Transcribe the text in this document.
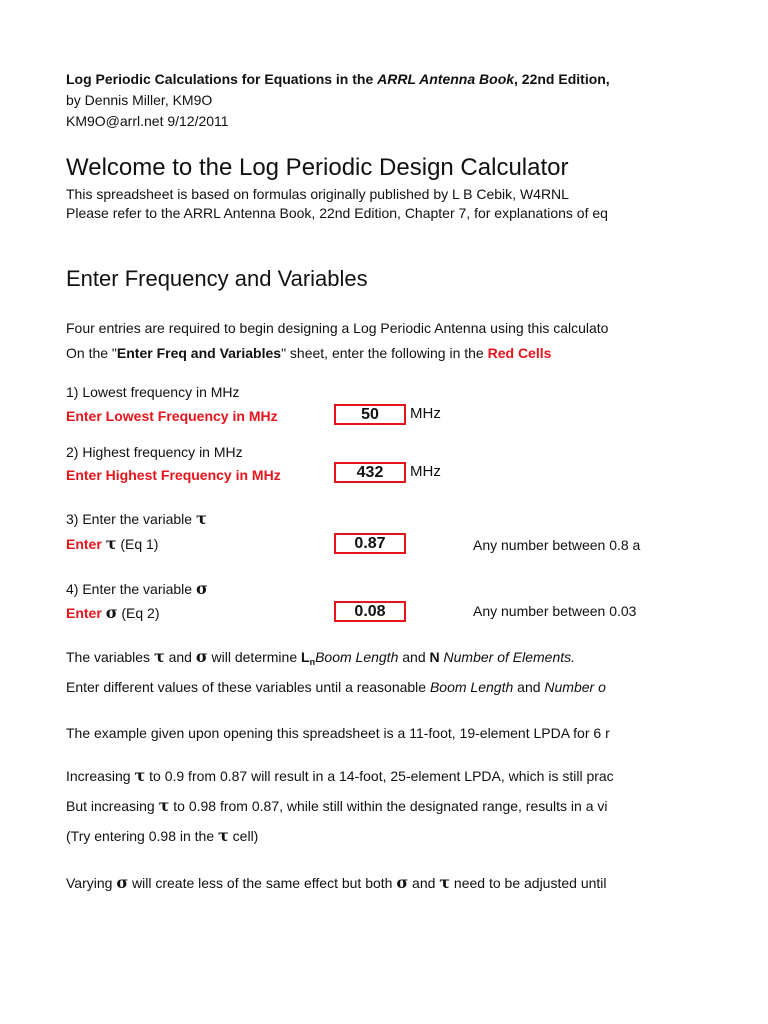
Log Periodic Calculations for Equations in the ARRL Antenna Book, 22nd Edition,
by Dennis Miller, KM9O
KM9O@arrl.net 9/12/2011
Welcome to the Log Periodic Design Calculator
This spreadsheet is based on formulas originally published by L B Cebik, W4RNL
Please refer to the ARRL Antenna Book, 22nd Edition, Chapter 7, for explanations of eq
Enter Frequency and Variables
Four entries are required to begin designing a Log Periodic Antenna using this calculato
On the "Enter Freq and Variables" sheet, enter the following in the Red Cells
1) Lowest frequency in MHz
Enter Lowest Frequency in MHz	50	MHz
2) Highest frequency in MHz
Enter Highest Frequency in MHz	432	MHz
3) Enter the variable τ
Enter τ (Eq 1)	0.87	Any number between 0.8 a
4) Enter the variable σ
Enter σ (Eq 2)	0.08	Any number between 0.03
The variables τ and σ will determine $L_nBoom$ Length and N Number of Elements.
Enter different values of these variables until a reasonable Boom Length and Number o
The example given upon opening this spreadsheet is a 11-foot, 19-element LPDA for 6 r
Increasing τ to 0.9 from 0.87 will result in a 14-foot, 25-element LPDA, which is still prac
But increasing τ to 0.98 from 0.87, while still within the designated range, results in a vi
(Try entering 0.98 in the τ cell)
Varying σ will create less of the same effect but both σ and τ need to be adjusted until
